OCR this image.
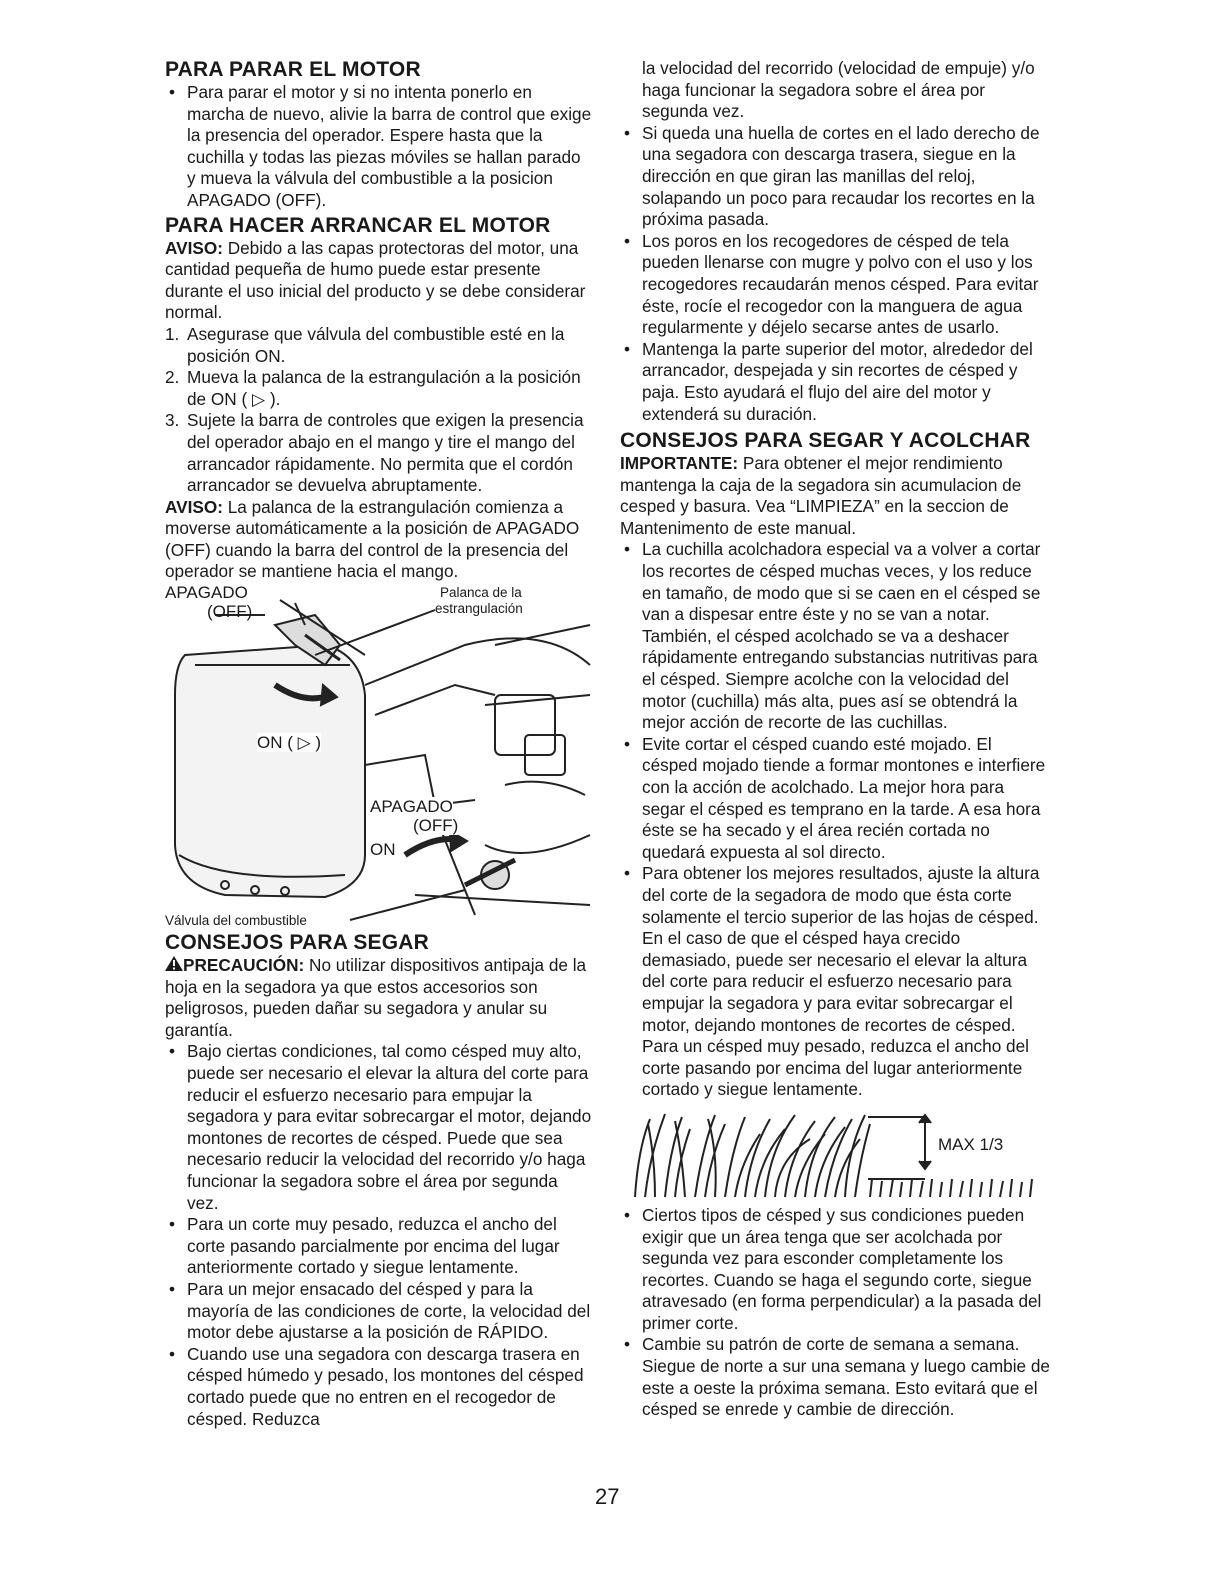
PARA PARAR EL MOTOR
• Para parar el motor y si no intenta ponerlo en marcha de nuevo, alivie la barra de control que exige la presencia del operador. Espere hasta que la cuchilla y todas las piezas móviles se hallan parado y mueva la válvula del combustible a la posicion APAGADO (OFF).
PARA HACER ARRANCAR EL MOTOR

AVISO: Debido a las capas protectoras del motor, una cantidad pequeña de humo puede estar presente durante el uso inicial del producto y se debe considerar normal.

1. Asegurase que válvula del combustible esté en la posición ON.
2. Mueva la palanca de la estrangulación a la posición de ON ( ▷ ).
3. Sujete la barra de controles que exigen la presencia del operador abajo en el mango y tire el mango del arrancador rápidamente. No permita que el cordón arrancador se devuelva abruptamente.

AVISO: La palanca de la estrangulación comienza a moverse automáticamente a la posición de APAGADO (OFF) cuando la barra del control de la presencia del operador se mantiene hacia el mango.

APAGADO
(OFF)
Palanca de la
estrangulación
ON ( ▷ )
APAGADO
(OFF)
ON
Válvula del combustible
CONSEJOS PARA SEGAR

PRECAUCIÓN: No utilizar dispositivos antipaja de la hoja en la segadora ya que estos accesorios son peligrosos, pueden dañar su segadora y anular su garantía.

• Bajo ciertas condiciones, tal como césped muy alto, puede ser necesario el elevar la altura del corte para reducir el esfuerzo necesario para empujar la segadora y para evitar sobrecargar el motor, dejando montones de recortes de césped. Puede que sea necesario reducir la velocidad del recorrido y/o haga funcionar la segadora sobre el área por segunda vez.
• Para un corte muy pesado, reduzca el ancho del corte pasando parcialmente por encima del lugar anteriormente cortado y siegue lentamente.
• Para un mejor ensacado del césped y para la mayoría de las condiciones de corte, la velocidad del motor debe ajustarse a la posición de RÁPIDO.
• Cuando use una segadora con descarga trasera en césped húmedo y pesado, los montones del césped cortado puede que no entren en el recogedor de césped. Reduzca

la velocidad del recorrido (velocidad de empuje) y/o haga funcionar la segadora sobre el área por segunda vez.

• Si queda una huella de cortes en el lado derecho de una segadora con descarga trasera, siegue en la dirección en que giran las manillas del reloj, solapando un poco para recaudar los recortes en la próxima pasada.
• Los poros en los recogedores de césped de tela pueden llenarse con mugre y polvo con el uso y los recogedores recaudarán menos césped. Para evitar éste, rocíe el recogedor con la manguera de agua regularmente y déjelo secarse antes de usarlo.
• Mantenga la parte superior del motor, alrededor del arrancador, despejada y sin recortes de césped y paja. Esto ayudará el flujo del aire del motor y extenderá su duración.
CONSEJOS PARA SEGAR Y ACOLCHAR

IMPORTANTE: Para obtener el mejor rendimiento mantenga la caja de la segadora sin acumulacion de cesped y basura. Vea “LIMPIEZA” en la seccion de Mantenimento de este manual.

• La cuchilla acolchadora especial va a volver a cortar los recortes de césped muchas veces, y los reduce en tamaño, de modo que si se caen en el césped se van a dispesar entre éste y no se van a notar. También, el césped acolchado se va a deshacer rápidamente entregando substancias nutritivas para el césped. Siempre acolche con la velocidad del motor (cuchilla) más alta, pues así se obtendrá la mejor acción de recorte de las cuchillas.
• Evite cortar el césped cuando esté mojado. El césped mojado tiende a formar montones e interfiere con la acción de acolchado. La mejor hora para segar el césped es temprano en la tarde. A esa hora éste se ha secado y el área recién cortada no quedará expuesta al sol directo.
• Para obtener los mejores resultados, ajuste la altura del corte de la segadora de modo que ésta corte solamente el tercio superior de las hojas de césped. En el caso de que el césped haya crecido demasiado, puede ser necesario el elevar la altura del corte para reducir el esfuerzo necesario para empujar la segadora y para evitar sobrecargar el motor, dejando montones de recortes de césped. Para un césped muy pesado, reduzca el ancho del corte pasando por encima del lugar anteriormente cortado y siegue lentamente.
MAX 1/3
• Ciertos tipos de césped y sus condiciones pueden exigir que un área tenga que ser acolchada por segunda vez para esconder completamente los recortes. Cuando se haga el segundo corte, siegue atravesado (en forma perpendicular) a la pasada del primer corte.
• Cambie su patrón de corte de semana a semana. Siegue de norte a sur una semana y luego cambie de este a oeste la próxima semana. Esto evitará que el césped se enrede y cambie de dirección.
27
